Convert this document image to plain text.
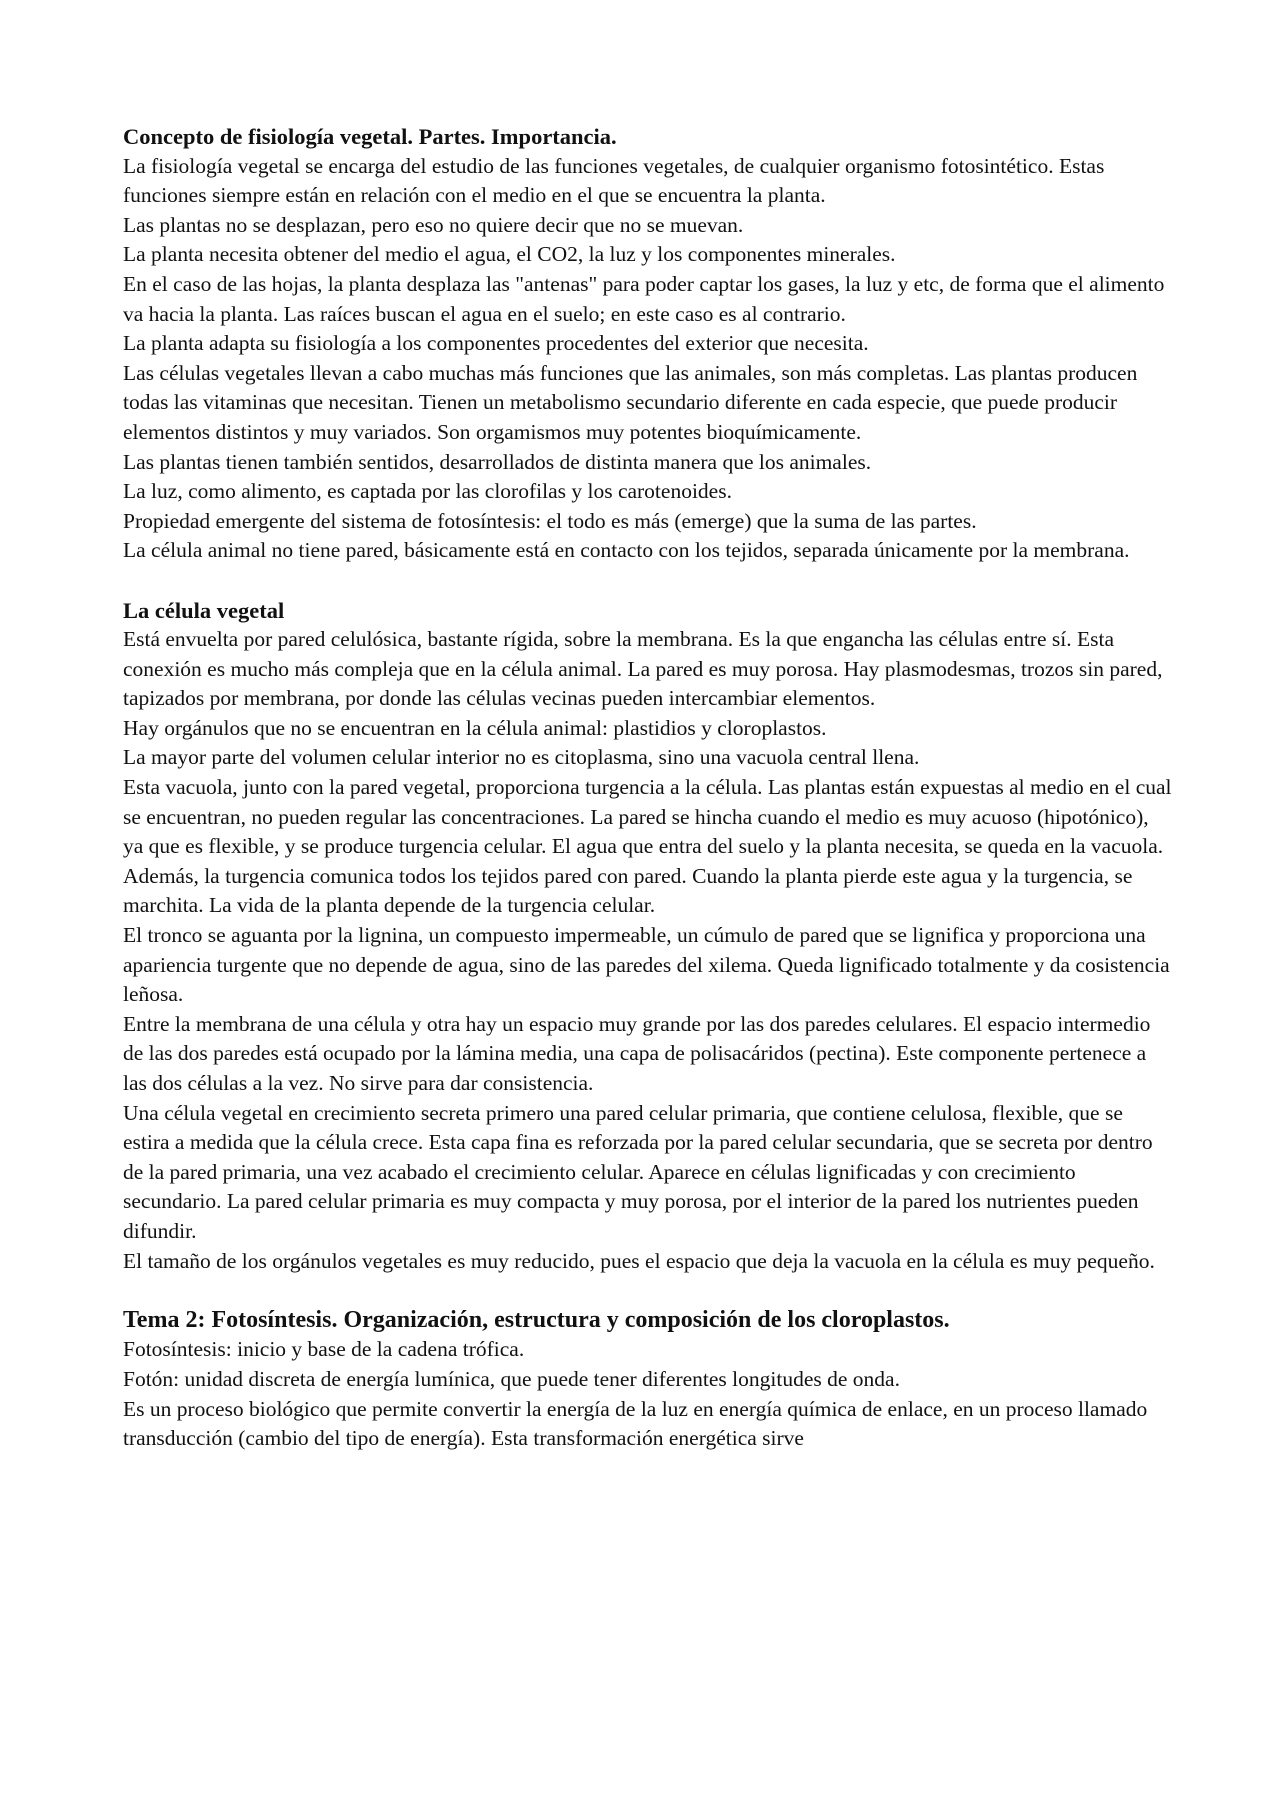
Concepto de fisiología vegetal. Partes. Importancia.

La fisiología vegetal se encarga del estudio de las funciones vegetales, de cualquier organismo fotosintético. Estas funciones siempre están en relación con el medio en el que se encuentra la planta.

Las plantas no se desplazan, pero eso no quiere decir que no se muevan.

La planta necesita obtener del medio el agua, el CO2, la luz y los componentes minerales.

En el caso de las hojas, la planta desplaza las "antenas" para poder captar los gases, la luz y etc, de forma que el alimento va hacia la planta. Las raíces buscan el agua en el suelo; en este caso es al contrario.

La planta adapta su fisiología a los componentes procedentes del exterior que necesita.

Las células vegetales llevan a cabo muchas más funciones que las animales, son más completas. Las plantas producen todas las vitaminas que necesitan. Tienen un metabolismo secundario diferente en cada especie, que puede producir elementos distintos y muy variados. Son orgamismos muy potentes bioquímicamente.

Las plantas tienen también sentidos, desarrollados de distinta manera que los animales.

La luz, como alimento, es captada por las clorofilas y los carotenoides.

Propiedad emergente del sistema de fotosíntesis: el todo es más (emerge) que la suma de las partes.

La célula animal no tiene pared, básicamente está en contacto con los tejidos, separada únicamente por la membrana.

La célula vegetal

Está envuelta por pared celulósica, bastante rígida, sobre la membrana. Es la que engancha las células entre sí. Esta conexión es mucho más compleja que en la célula animal. La pared es muy porosa. Hay plasmodesmas, trozos sin pared, tapizados por membrana, por donde las células vecinas pueden intercambiar elementos.

Hay orgánulos que no se encuentran en la célula animal: plastidios y cloroplastos.

La mayor parte del volumen celular interior no es citoplasma, sino una vacuola central llena.

Esta vacuola, junto con la pared vegetal, proporciona turgencia a la célula. Las plantas están expuestas al medio en el cual se encuentran, no pueden regular las concentraciones. La pared se hincha cuando el medio es muy acuoso (hipotónico), ya que es flexible, y se produce turgencia celular. El agua que entra del suelo y la planta necesita, se queda en la vacuola. Además, la turgencia comunica todos los tejidos pared con pared. Cuando la planta pierde este agua y la turgencia, se marchita. La vida de la planta depende de la turgencia celular.

El tronco se aguanta por la lignina, un compuesto impermeable, un cúmulo de pared que se lignifica y proporciona una apariencia turgente que no depende de agua, sino de las paredes del xilema. Queda lignificado totalmente y da cosistencia leñosa.

Entre la membrana de una célula y otra hay un espacio muy grande por las dos paredes celulares. El espacio intermedio de las dos paredes está ocupado por la lámina media, una capa de polisacáridos (pectina). Este componente pertenece a las dos células a la vez. No sirve para dar consistencia.

Una célula vegetal en crecimiento secreta primero una pared celular primaria, que contiene celulosa, flexible, que se estira a medida que la célula crece. Esta capa fina es reforzada por la pared celular secundaria, que se secreta por dentro de la pared primaria, una vez acabado el crecimiento celular. Aparece en células lignificadas y con crecimiento secundario. La pared celular primaria es muy compacta y muy porosa, por el interior de la pared los nutrientes pueden difundir.

El tamaño de los orgánulos vegetales es muy reducido, pues el espacio que deja la vacuola en la célula es muy pequeño.

Tema 2: Fotosíntesis. Organización, estructura y composición de los cloroplastos.

Fotosíntesis: inicio y base de la cadena trófica.

Fotón: unidad discreta de energía lumínica, que puede tener diferentes longitudes de onda.

Es un proceso biológico que permite convertir la energía de la luz en energía química de enlace, en un proceso llamado transducción (cambio del tipo de energía). Esta transformación energética sirve
